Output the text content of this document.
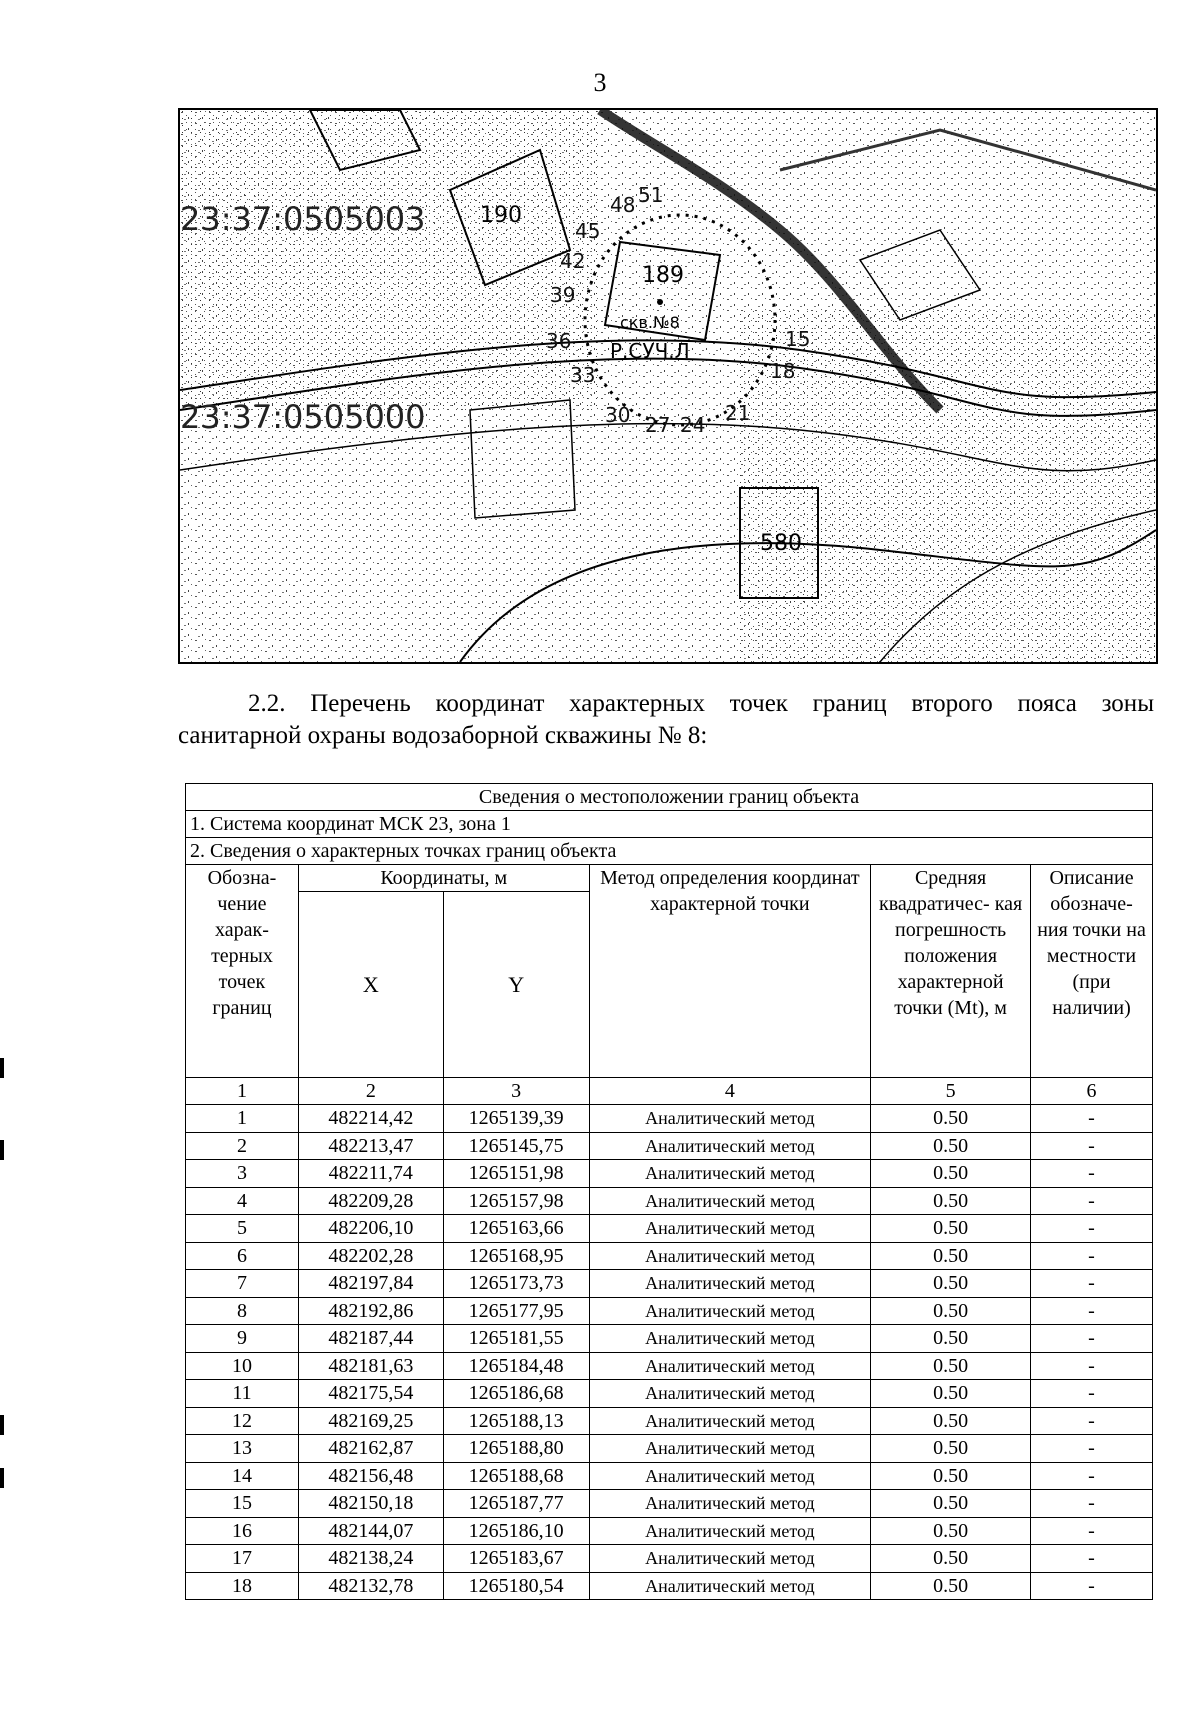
3
23:37:0505003
23:37:0505000
190
189
580
скв.№8
Р.СУЧ.Л
48 51
45
42
39
36
33
30 27 24 21
18
15
2.2. Перечень координат характерных точек границ второго пояса зоны
санитарной охраны водозаборной скважины № 8:
Сведения о местоположении границ объекта					
1. Система координат МСК 23, зона 1					
2. Сведения о характерных точках границ объекта					
Обозна- чение харак- терных точек границ	Координаты, м		Метод определения координат характерной точки	Средняя квадратичес- кая погрешность положения характерной точки (Mt), м	Описание обозначе- ния точки на местности (при наличии)
	X	Y			
1	2	3	4	5	6
1	482214,42	1265139,39	Аналитический метод	0.50	-
2	482213,47	1265145,75	Аналитический метод	0.50	-
3	482211,74	1265151,98	Аналитический метод	0.50	-
4	482209,28	1265157,98	Аналитический метод	0.50	-
5	482206,10	1265163,66	Аналитический метод	0.50	-
6	482202,28	1265168,95	Аналитический метод	0.50	-
7	482197,84	1265173,73	Аналитический метод	0.50	-
8	482192,86	1265177,95	Аналитический метод	0.50	-
9	482187,44	1265181,55	Аналитический метод	0.50	-
10	482181,63	1265184,48	Аналитический метод	0.50	-
11	482175,54	1265186,68	Аналитический метод	0.50	-
12	482169,25	1265188,13	Аналитический метод	0.50	-
13	482162,87	1265188,80	Аналитический метод	0.50	-
14	482156,48	1265188,68	Аналитический метод	0.50	-
15	482150,18	1265187,77	Аналитический метод	0.50	-
16	482144,07	1265186,10	Аналитический метод	0.50	-
17	482138,24	1265183,67	Аналитический метод	0.50	-
18	482132,78	1265180,54	Аналитический метод	0.50	-
